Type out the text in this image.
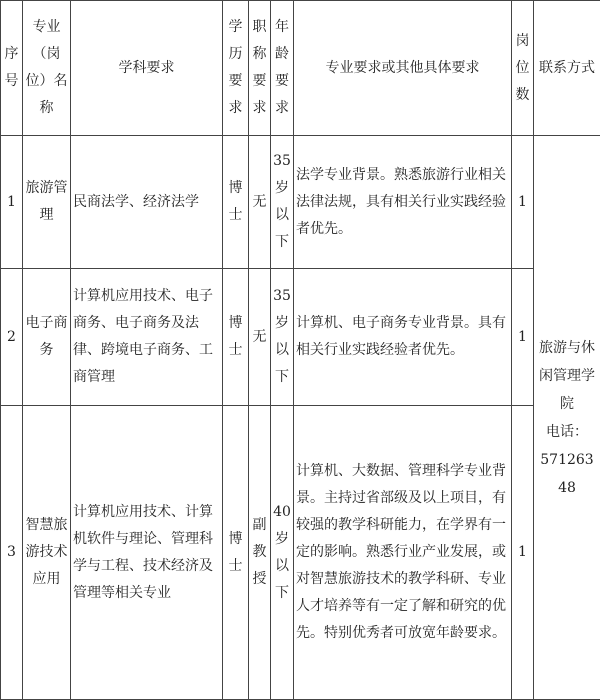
序号	专业（岗位）名称	学科要求	学历要求	职称要求	年龄要求	专业要求或其他具体要求	岗位数	联系方式
1	旅游管理	民商法学、经济法学	博士	无	35岁以下	法学专业背景。熟悉旅游行业相关法律法规，具有相关行业实践经验者优先。	1	旅游与休闲管理学院
电话：
57126348
2	电子商务	计算机应用技术、电子商务、电子商务及法律、跨境电子商务、工商管理	博士	无	35岁以下	计算机、电子商务专业背景。具有相关行业实践经验者优先。	1	
3	智慧旅游技术应用	计算机应用技术、计算机软件与理论、管理科学与工程、技术经济及管理等相关专业	博士	副教授	40岁以下	计算机、大数据、管理科学专业背景。主持过省部级及以上项目，有较强的教学科研能力，在学界有一定的影响。熟悉行业产业发展，或对智慧旅游技术的教学科研、专业人才培养等有一定了解和研究的优先。特别优秀者可放宽年龄要求。	1	
